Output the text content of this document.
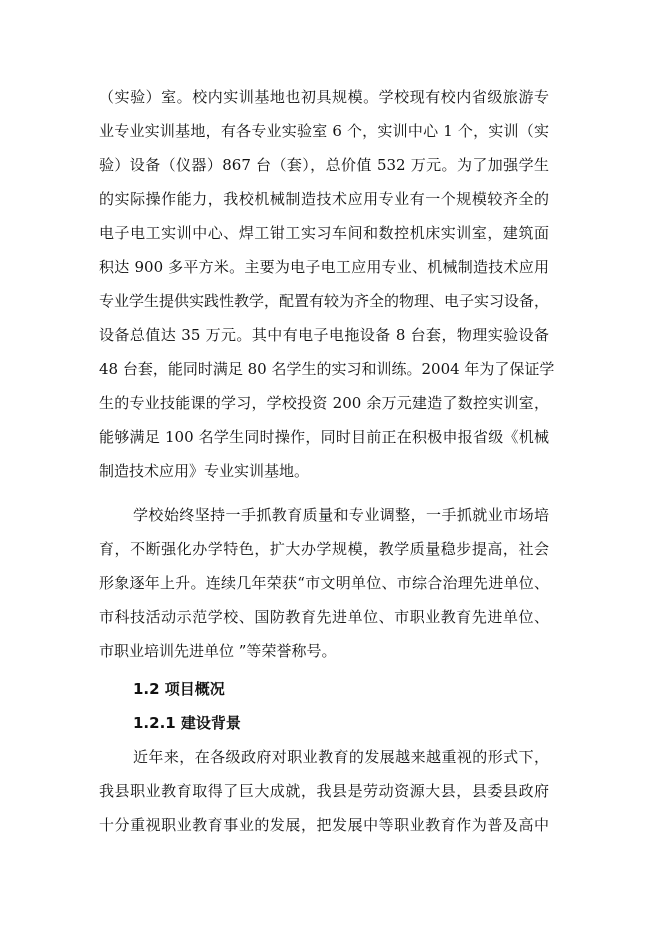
（实验）室。校内实训基地也初具规模。学校现有校内省级旅游专
业专业实训基地，有各专业实验室 6 个，实训中心 1 个，实训（实
验）设备（仪器）867 台（套），总价值 532 万元。为了加强学生
的实际操作能力，我校机械制造技术应用专业有一个规模较齐全的
电子电工实训中心、焊工钳工实习车间和数控机床实训室，建筑面
积达 900 多平方米。主要为电子电工应用专业、机械制造技术应用
专业学生提供实践性教学，配置有较为齐全的物理、电子实习设备，
设备总值达 35 万元。其中有电子电拖设备 8 台套，物理实验设备
48 台套，能同时满足 80 名学生的实习和训练。2004 年为了保证学
生的专业技能课的学习，学校投资 200 余万元建造了数控实训室，
能够满足 100 名学生同时操作，同时目前正在积极申报省级《机械
制造技术应用》专业实训基地。
学校始终坚持一手抓教育质量和专业调整，一手抓就业市场培
育，不断强化办学特色，扩大办学规模，教学质量稳步提高，社会
形象逐年上升。连续几年荣获“市文明单位、市综合治理先进单位、
市科技活动示范学校、国防教育先进单位、市职业教育先进单位、
市职业培训先进单位 ”等荣誉称号。
1.2 项目概况
1.2.1 建设背景
近年来，在各级政府对职业教育的发展越来越重视的形式下，
我县职业教育取得了巨大成就，我县是劳动资源大县，县委县政府
十分重视职业教育事业的发展，把发展中等职业教育作为普及高中
